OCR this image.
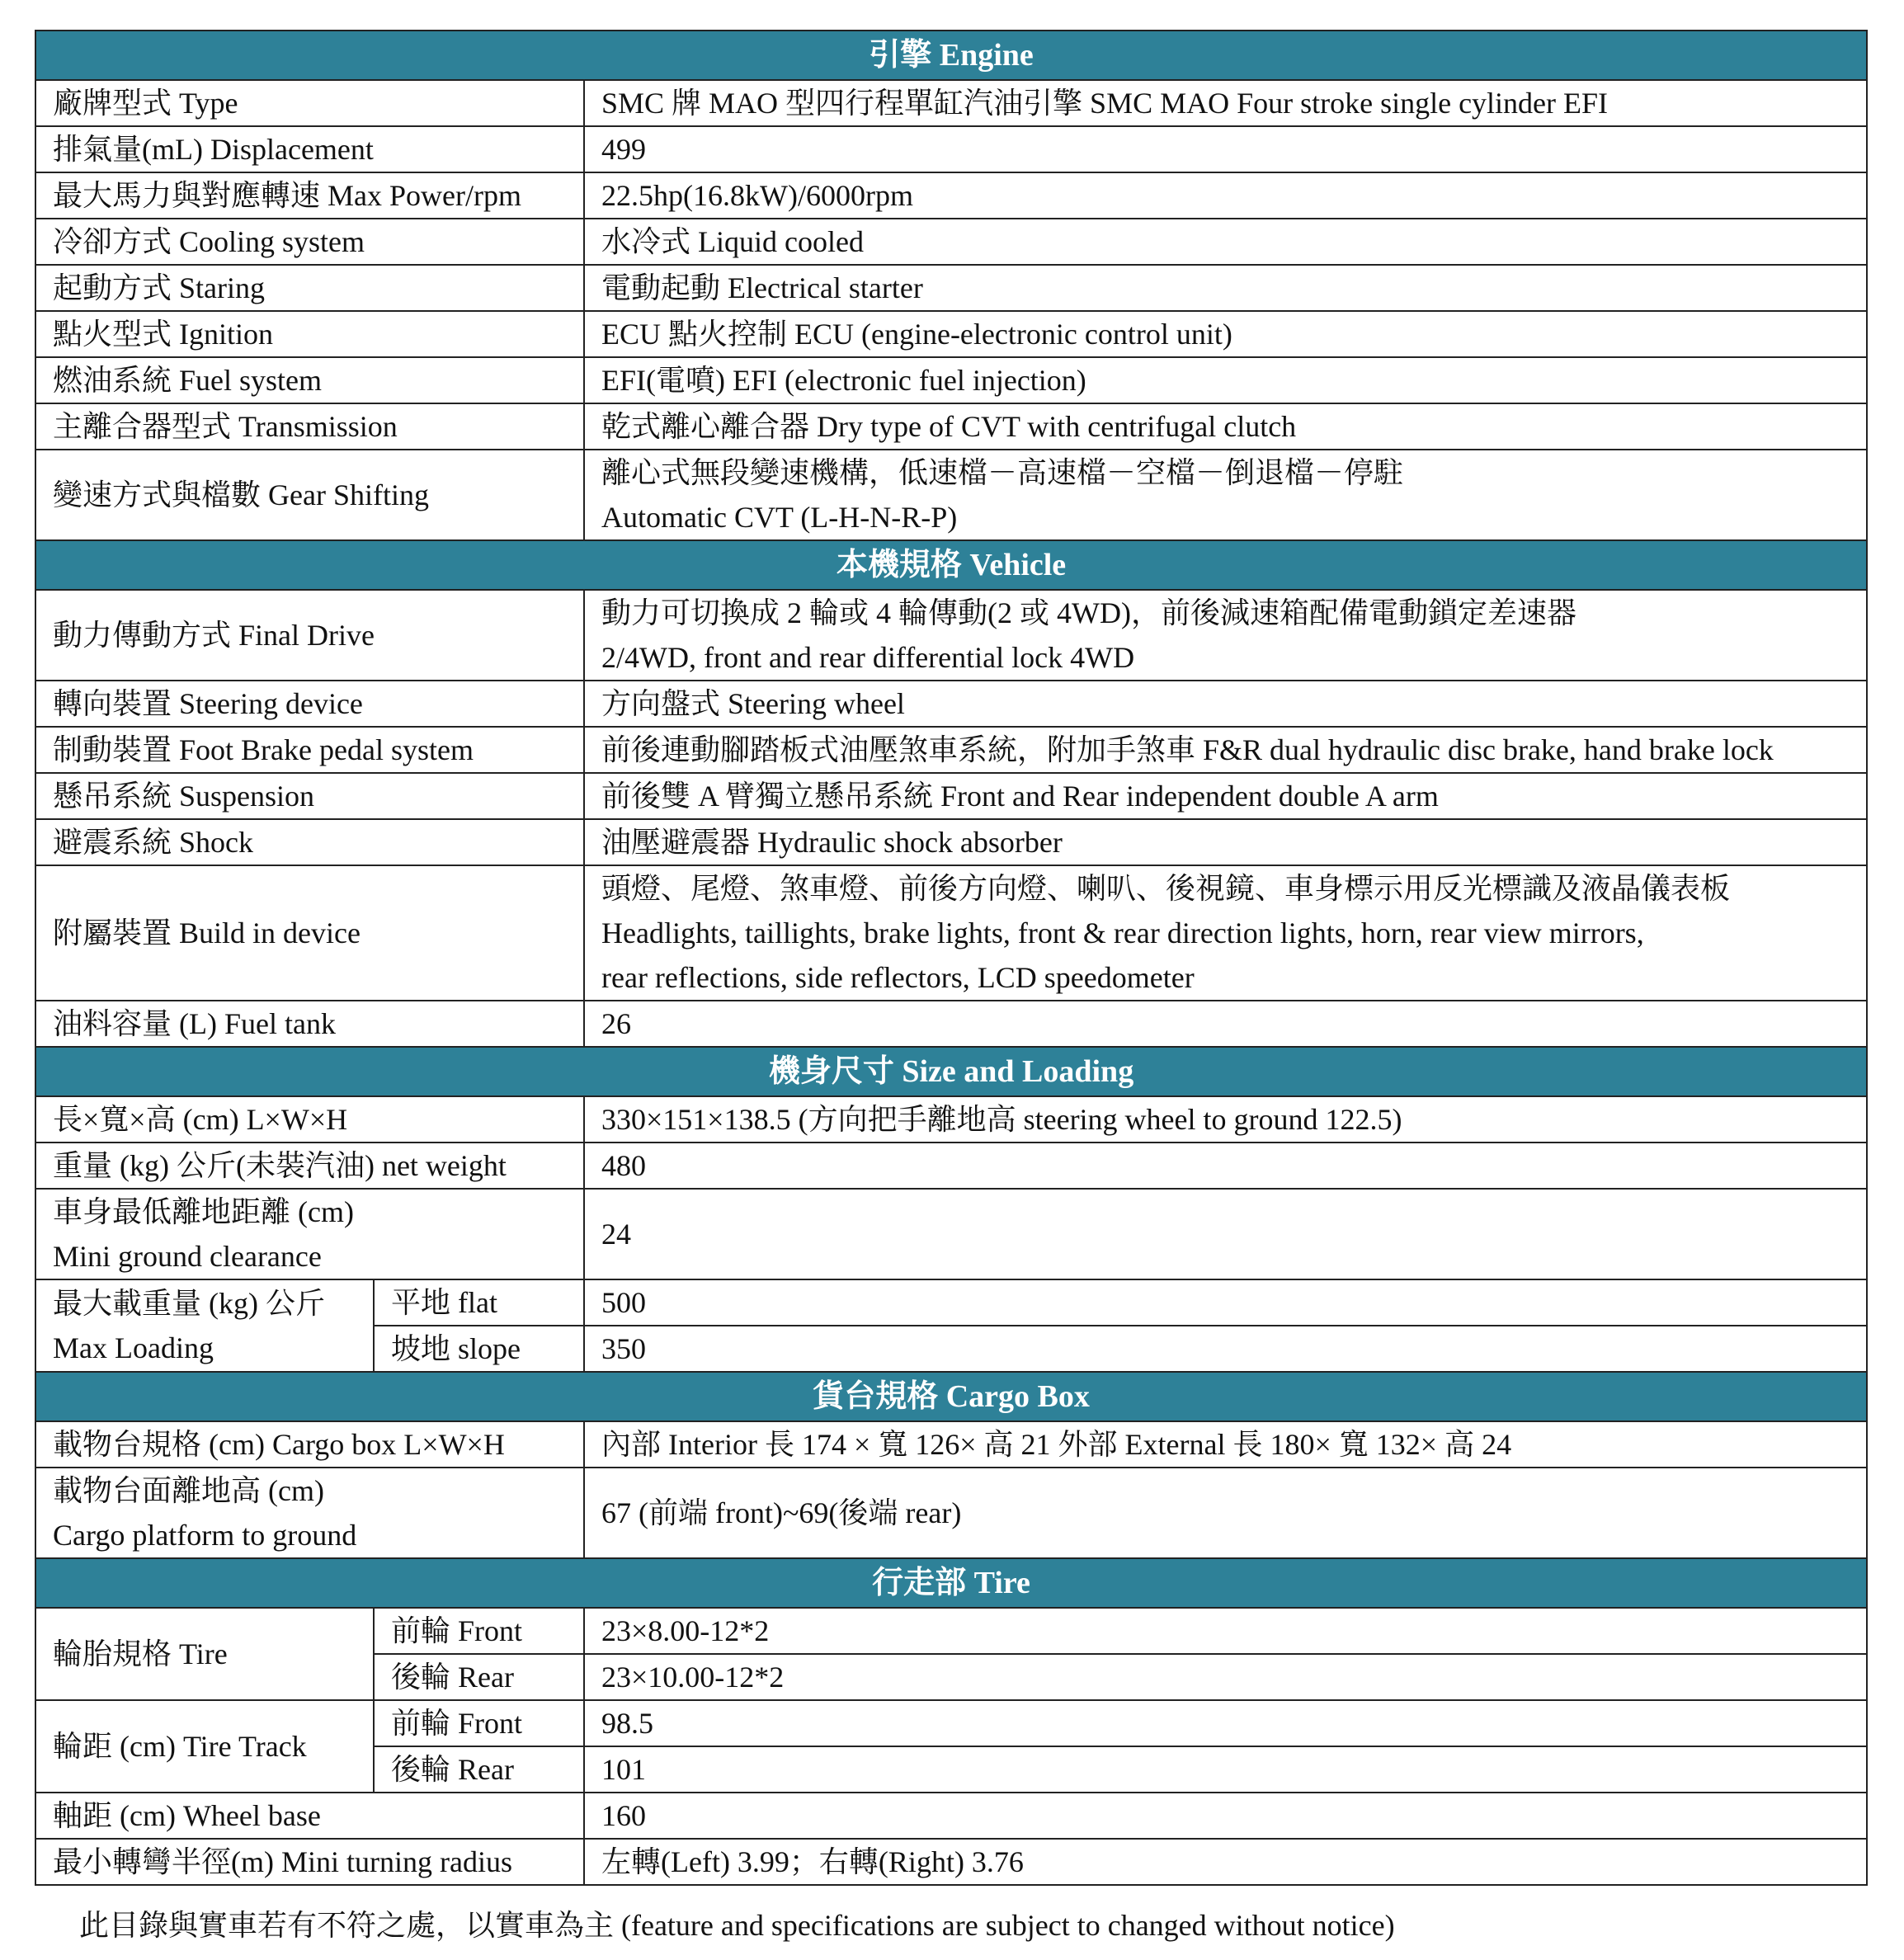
引擎 Engine		
廠牌型式 Type		SMC 牌 MAO 型四行程單缸汽油引擎 SMC MAO Four stroke single cylinder EFI
排氣量(mL) Displacement		499
最大馬力與對應轉速 Max Power/rpm		22.5hp(16.8kW)/6000rpm
冷卻方式 Cooling system		水冷式 Liquid cooled
起動方式 Staring		電動起動 Electrical starter
點火型式 Ignition		ECU 點火控制 ECU (engine-electronic control unit)
燃油系統 Fuel system		EFI(電噴) EFI (electronic fuel injection)
主離合器型式 Transmission		乾式離心離合器 Dry type of CVT with centrifugal clutch
變速方式與檔數 Gear Shifting		離心式無段變速機構，低速檔－高速檔－空檔－倒退檔－停駐
Automatic CVT (L-H-N-R-P)

本機規格 Vehicle		
動力傳動方式 Final Drive		動力可切換成 2 輪或 4 輪傳動(2 或 4WD)，前後減速箱配備電動鎖定差速器
2/4WD, front and rear differential lock 4WD

轉向裝置 Steering device		方向盤式 Steering wheel
制動裝置 Foot Brake pedal system		前後連動腳踏板式油壓煞車系統，附加手煞車 F&R dual hydraulic disc brake, hand brake lock
懸吊系統 Suspension		前後雙 A 臂獨立懸吊系統 Front and Rear independent double A arm
避震系統 Shock		油壓避震器 Hydraulic shock absorber
附屬裝置 Build in device		頭燈、尾燈、煞車燈、前後方向燈、喇叭、後視鏡、車身標示用反光標識及液晶儀表板
Headlights, taillights, brake lights, front & rear direction lights, horn, rear view mirrors,
rear reflections, side reflectors, LCD speedometer

油料容量 (L) Fuel tank		26
機身尺寸 Size and Loading		
長×寬×高 (cm) L×W×H		330×151×138.5 (方向把手離地高 steering wheel to ground 122.5)
重量 (kg) 公斤(未裝汽油) net weight		480

車身最低離地距離 (cm)
Mini ground clearance		24

最大載重量 (kg) 公斤
Max Loading	平地 flat	500
	坡地 slope	350
貨台規格 Cargo Box		
載物台規格 (cm) Cargo box L×W×H		內部 Interior 長 174 × 寬 126× 高 21 外部 External 長 180× 寬 132× 高 24

載物台面離地高 (cm)
Cargo platform to ground		67 (前端 front)~69(後端 rear)
行走部 Tire		
輪胎規格 Tire	前輪 Front	23×8.00-12*2
	後輪 Rear	23×10.00-12*2
輪距 (cm) Tire Track	前輪 Front	98.5
	後輪 Rear	101
軸距 (cm) Wheel base		160
最小轉彎半徑(m) Mini turning radius		左轉(Left) 3.99；右轉(Right) 3.76
此目錄與實車若有不符之處，以實車為主 (feature and specifications are subject to changed without notice)
